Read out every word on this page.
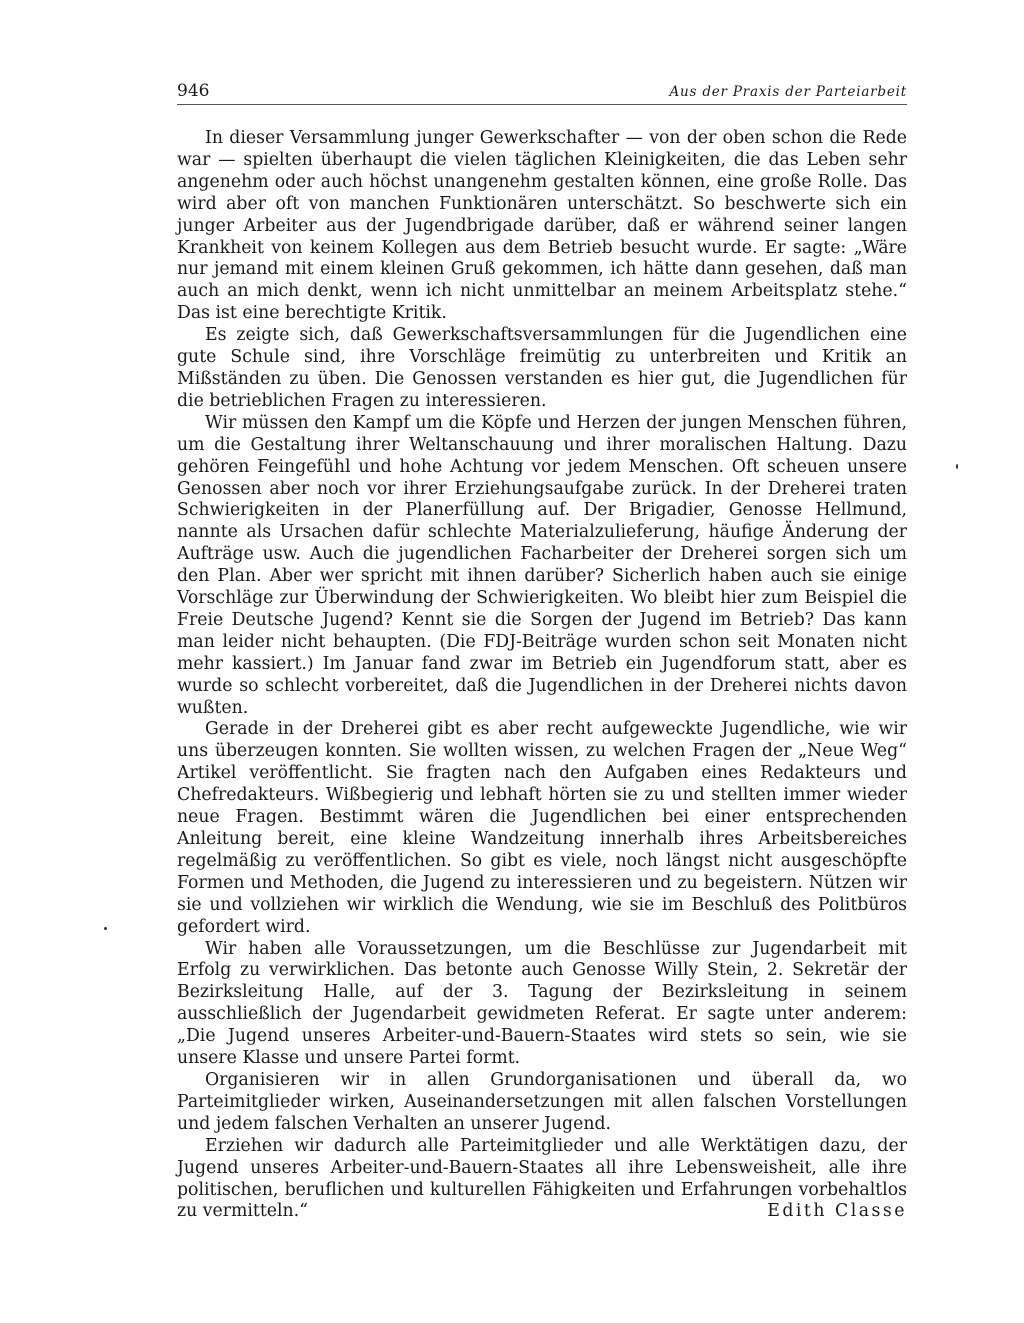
946	Aus der Praxis der Parteiarbeit

In dieser Versammlung junger Gewerkschafter — von der oben schon die Rede war — spielten überhaupt die vielen täglichen Kleinigkeiten, die das Leben sehr angenehm oder auch höchst unangenehm gestalten können, eine große Rolle. Das wird aber oft von manchen Funktionären unterschätzt. So beschwerte sich ein junger Arbeiter aus der Jugendbrigade darüber, daß er während seiner langen Krankheit von keinem Kollegen aus dem Betrieb besucht wurde. Er sagte: „Wäre nur jemand mit einem kleinen Gruß gekommen, ich hätte dann gesehen, daß man auch an mich denkt, wenn ich nicht unmittelbar an meinem Arbeitsplatz stehe.“ Das ist eine berechtigte Kritik.

Es zeigte sich, daß Gewerkschaftsversammlungen für die Jugendlichen eine gute Schule sind, ihre Vorschläge freimütig zu unterbreiten und Kritik an Mißständen zu üben. Die Genossen verstanden es hier gut, die Jugendlichen für die betrieblichen Fragen zu interessieren.

Wir müssen den Kampf um die Köpfe und Herzen der jungen Menschen führen, um die Gestaltung ihrer Weltanschauung und ihrer moralischen Haltung. Dazu gehören Feingefühl und hohe Achtung vor jedem Menschen. Oft scheuen unsere Genossen aber noch vor ihrer Erziehungsaufgabe zurück. In der Dreherei traten Schwierigkeiten in der Planerfüllung auf. Der Brigadier, Genosse Hellmund, nannte als Ursachen dafür schlechte Materialzulieferung, häufige Änderung der Aufträge usw. Auch die jugendlichen Facharbeiter der Dreherei sorgen sich um den Plan. Aber wer spricht mit ihnen darüber? Sicherlich haben auch sie einige Vorschläge zur Überwindung der Schwierigkeiten. Wo bleibt hier zum Beispiel die Freie Deutsche Jugend? Kennt sie die Sorgen der Jugend im Betrieb? Das kann man leider nicht behaupten. (Die FDJ-Beiträge wurden schon seit Monaten nicht mehr kassiert.) Im Januar fand zwar im Betrieb ein Jugendforum statt, aber es wurde so schlecht vorbereitet, daß die Jugendlichen in der Dreherei nichts davon wußten.

Gerade in der Dreherei gibt es aber recht aufgeweckte Jugendliche, wie wir uns überzeugen konnten. Sie wollten wissen, zu welchen Fragen der „Neue Weg“ Artikel veröffentlicht. Sie fragten nach den Aufgaben eines Redakteurs und Chefredakteurs. Wißbegierig und lebhaft hörten sie zu und stellten immer wieder neue Fragen. Bestimmt wären die Jugendlichen bei einer entsprechenden Anleitung bereit, eine kleine Wandzeitung innerhalb ihres Arbeitsbereiches regelmäßig zu veröffentlichen. So gibt es viele, noch längst nicht ausgeschöpfte Formen und Methoden, die Jugend zu interessieren und zu begeistern. Nützen wir sie und vollziehen wir wirklich die Wendung, wie sie im Beschluß des Politbüros gefordert wird.

Wir haben alle Voraussetzungen, um die Beschlüsse zur Jugendarbeit mit Erfolg zu verwirklichen. Das betonte auch Genosse Willy Stein, 2. Sekretär der Bezirksleitung Halle, auf der 3. Tagung der Bezirksleitung in seinem ausschließlich der Jugendarbeit gewidmeten Referat. Er sagte unter anderem: „Die Jugend unseres Arbeiter-und-Bauern-Staates wird stets so sein, wie sie unsere Klasse und unsere Partei formt.

Organisieren wir in allen Grundorganisationen und überall da, wo Parteimitglieder wirken, Auseinandersetzungen mit allen falschen Vorstellungen und jedem falschen Verhalten an unserer Jugend.

Erziehen wir dadurch alle Parteimitglieder und alle Werktätigen dazu, der Jugend unseres Arbeiter-und-Bauern-Staates all ihre Lebensweisheit, alle ihre politischen, beruflichen und kulturellen Fähigkeiten und Erfahrungen vorbehaltlos zu vermitteln.“	Edith Classe
